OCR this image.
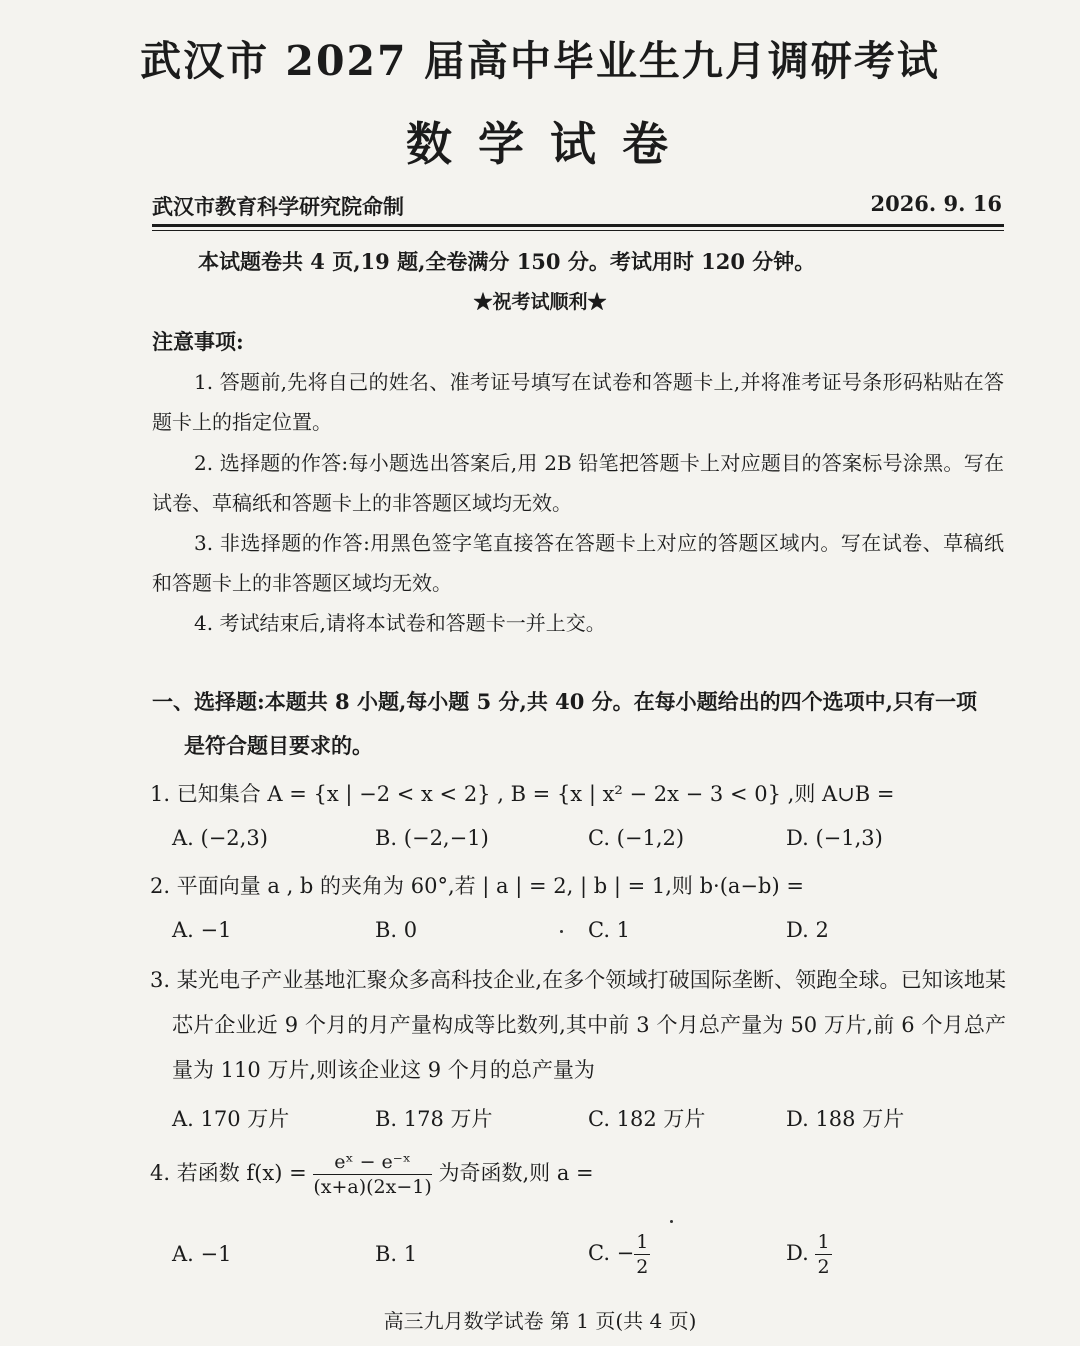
武汉市 2027 届高中毕业生九月调研考试
数学试卷
武汉市教育科学研究院命制	2026. 9. 16
本试题卷共 4 页,19 题,全卷满分 150 分。考试用时 120 分钟。
★祝考试顺利★
注意事项:
1. 答题前,先将自己的姓名、准考证号填写在试卷和答题卡上,并将准考证号条形码粘贴在答题卡上的指定位置。
2. 选择题的作答:每小题选出答案后,用 2B 铅笔把答题卡上对应题目的答案标号涂黑。写在试卷、草稿纸和答题卡上的非答题区域均无效。
3. 非选择题的作答:用黑色签字笔直接答在答题卡上对应的答题区域内。写在试卷、草稿纸和答题卡上的非答题区域均无效。
4. 考试结束后,请将本试卷和答题卡一并上交。
一、选择题:本题共 8 小题,每小题 5 分,共 40 分。在每小题给出的四个选项中,只有一项
是符合题目要求的。
1. 已知集合 A = {x | −2 < x < 2} , B = {x | x² − 2x − 3 < 0} ,则 A∪B =
A. (−2,3)	B. (−2,−1)	C. (−1,2)	D. (−1,3)
2. 平面向量 a , b 的夹角为 60°,若 | a | = 2, | b | = 1,则 b·(a−b) =
A. −1	B. 0	C. 1	D. 2
3. 某光电子产业基地汇聚众多高科技企业,在多个领域打破国际垄断、领跑全球。已知该地某芯片企业近 9 个月的月产量构成等比数列,其中前 3 个月总产量为 50 万片,前 6 个月总产量为 110 万片,则该企业这 9 个月的总产量为
A. 170 万片	B. 178 万片	C. 182 万片	D. 188 万片
4. 若函数 $f(x) = \frac{\text{eˣ − e⁻ˣ}}{(x+a)(2x-1)}$ 为奇函数,则 a =
A. −1	B. 1	C. − $\frac{1}{2}$	D. $\frac{1}{2}$
高三九月数学试卷 第 1 页(共 4 页)
